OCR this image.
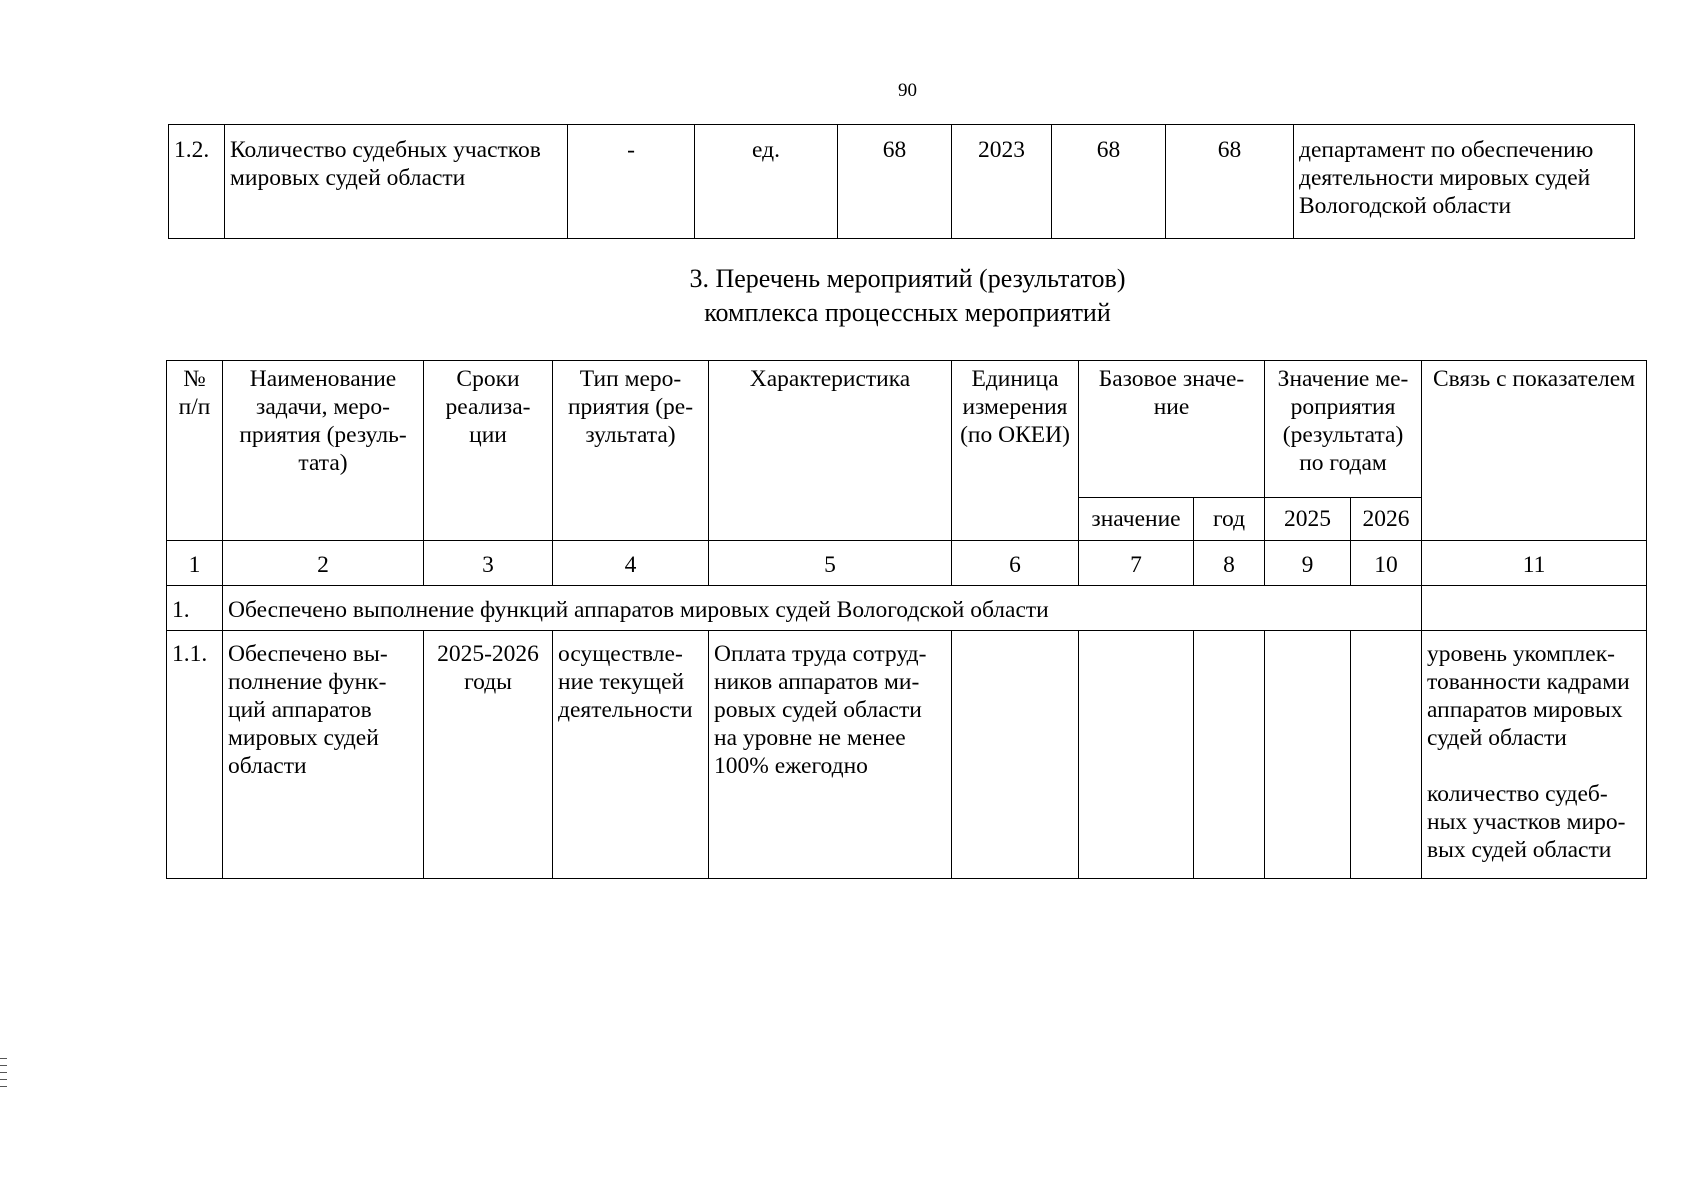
90
1.2.	Количество судебных участков мировых судей области	-	ед.	68	2023	68	68	департамент по обеспечению деятельности мировых судей Вологодской области
3. Перечень мероприятий (результатов)
комплекса процессных мероприятий
№ п/п	Наименование задачи, меро-приятия (резуль-тата)	Сроки реализа-ции	Тип меро-приятия (ре-зультата)	Характеристика	Единица измерения (по ОКЕИ)	Базовое значе-ние		Значение ме-роприятия (результата) по годам		Связь с показателем
						значение	год	2025	2026	
1	2	3	4	5	6	7	8	9	10	11
1.	Обеспечено выполнение функций аппаратов мировых судей Вологодской области									
1.1.	Обеспечено вы-полнение функ-ций аппаратов мировых судей области	2025-2026 годы	осуществле-ние текущей деятельности	Оплата труда сотруд-ников аппаратов ми-ровых судей области на уровне не менее 100% ежегодно						уровень укомплек-тованности кадрами аппаратов мировых судей области
количество судеб-ных участков миро-вых судей области
